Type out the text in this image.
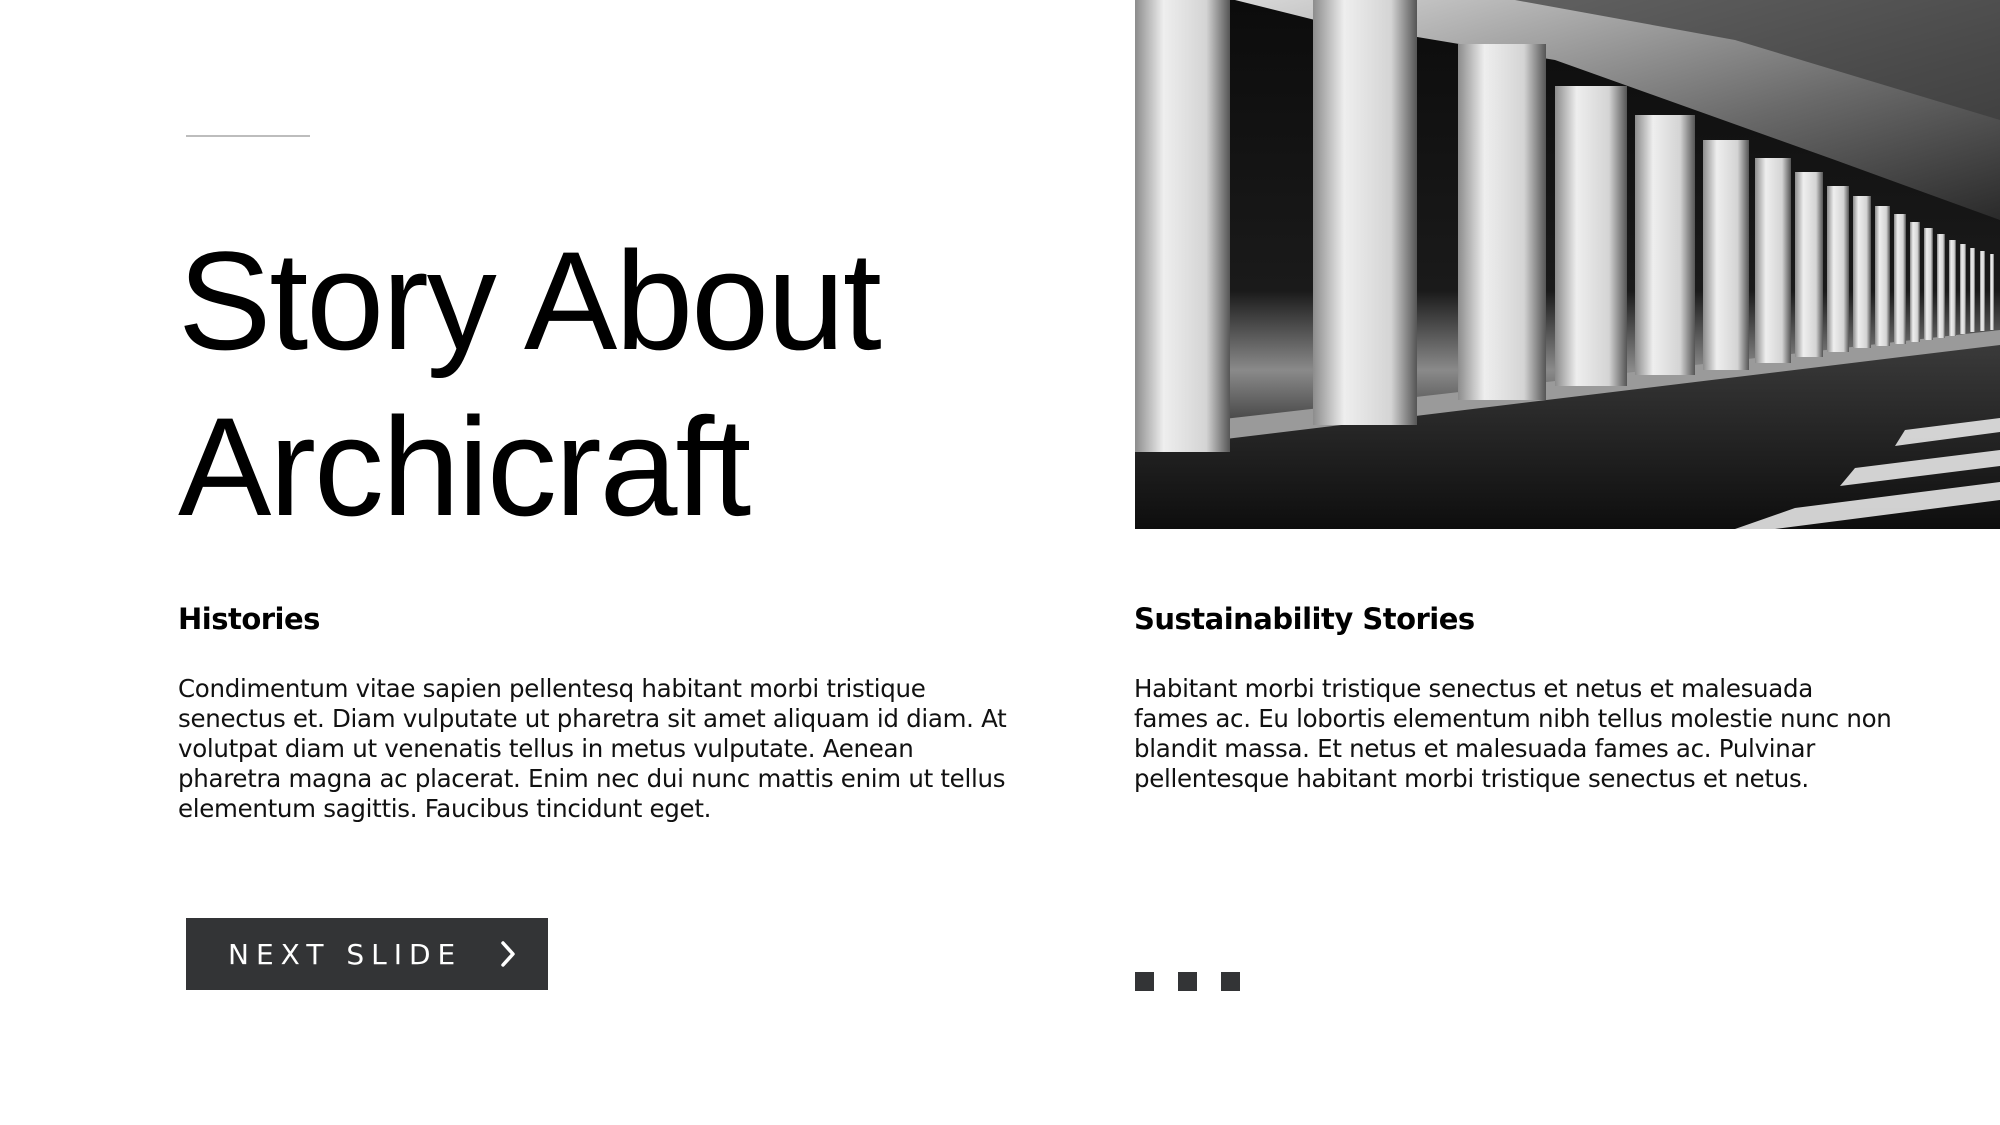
Story About
Archicraft
Histories

Condimentum vitae sapien pellentesq habitant morbi tristique senectus et. Diam vulputate ut pharetra sit amet aliquam id diam. At volutpat diam ut venenatis tellus in metus vulputate. Aenean pharetra magna ac placerat. Enim nec dui nunc mattis enim ut tellus elementum sagittis. Faucibus tincidunt eget.

Sustainability Stories

Habitant morbi tristique senectus et netus et malesuada fames ac. Eu lobortis elementum nibh tellus molestie nunc non blandit massa. Et netus et malesuada fames ac. Pulvinar pellentesque habitant morbi tristique senectus et netus.

NEXT SLIDE
